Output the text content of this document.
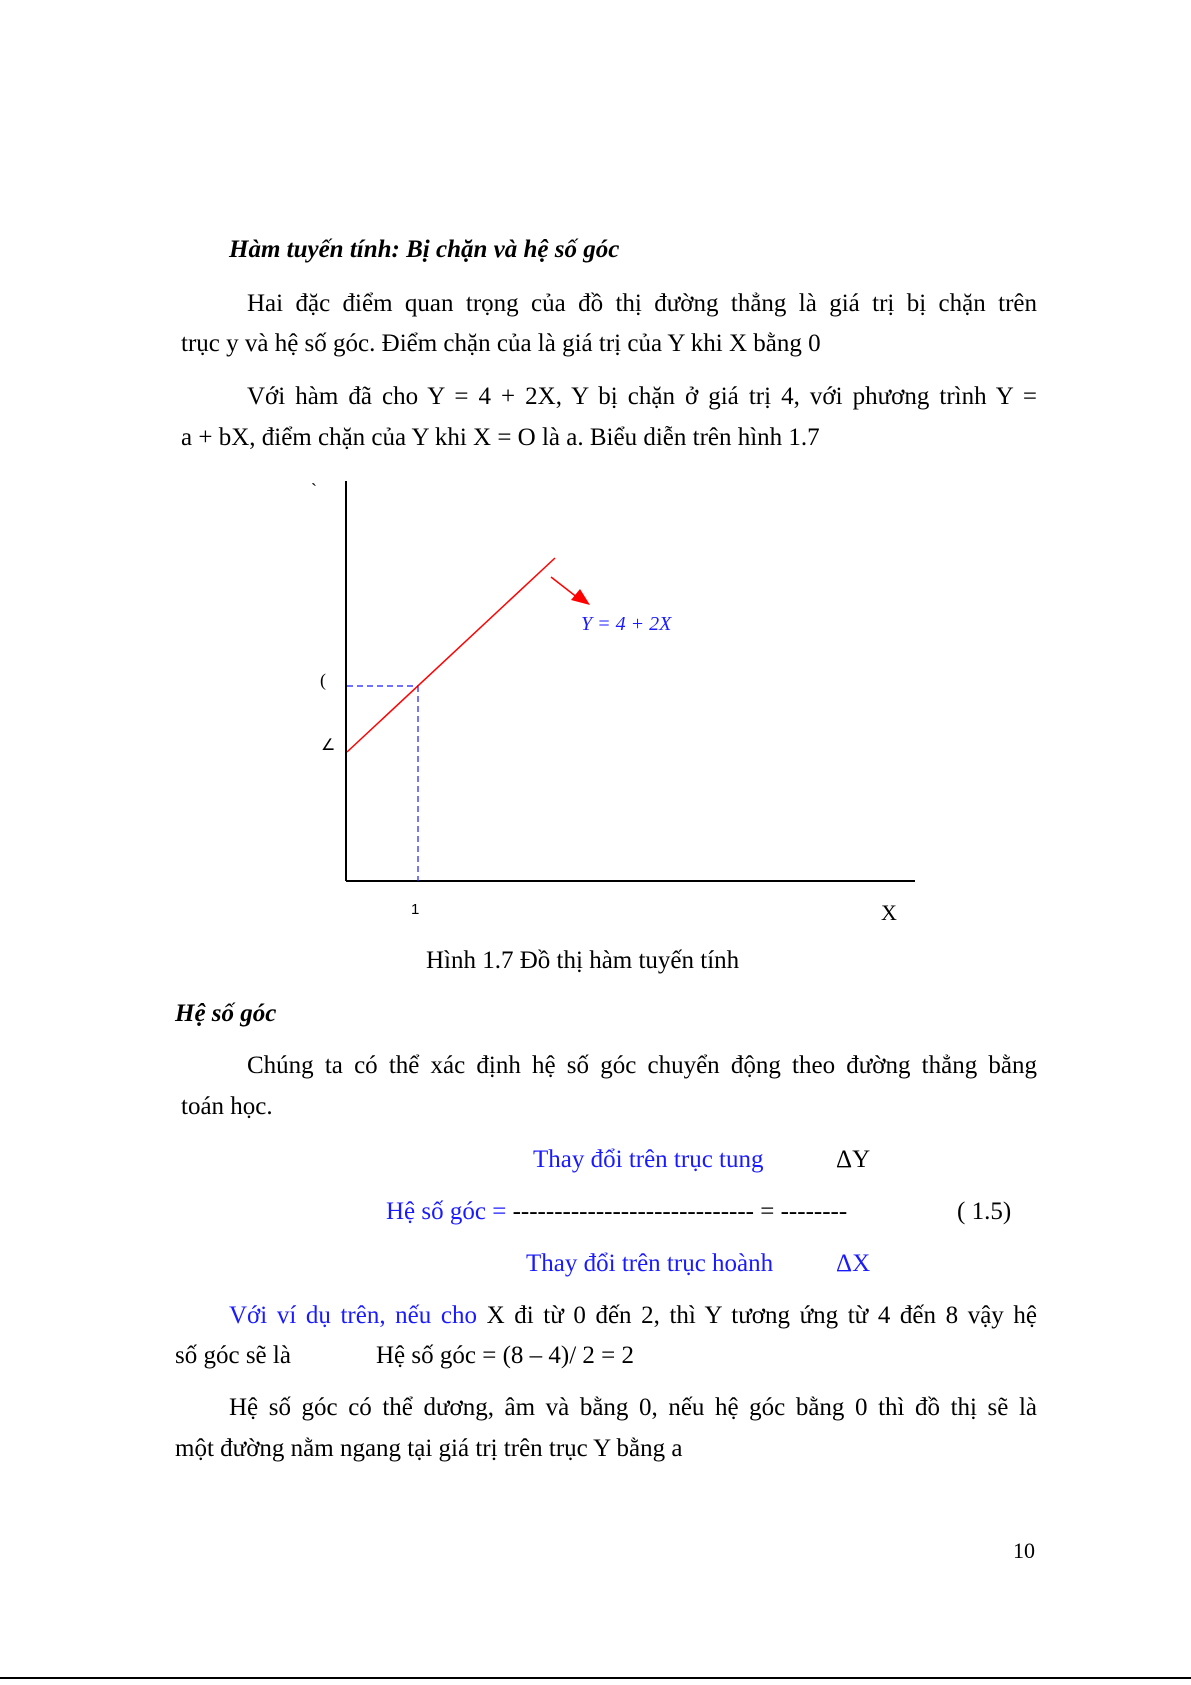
Hàm tuyến tính: Bị chặn và hệ số góc
Hai đặc điểm quan trọng của đồ thị đường thẳng là giá trị bị chặn trên
trục y và hệ số góc. Điểm chặn của là giá trị của Y khi X bằng 0
Với hàm đã cho Y = 4 + 2X, Y bị chặn ở giá trị 4, với phương trình Y =
a + bX, điểm chặn của Y khi X = O là a. Biểu diễn trên hình 1.7
Y = 4 + 2X
`
(
∠
1	X
Hình 1.7 Đồ thị hàm tuyến tính
Hệ số góc
Chúng ta có thể xác định hệ số góc chuyển động theo đường thẳng bằng
toán học.
Thay đổi trên trục tung	ΔY
Hệ số góc = ----------------------------- = --------	( 1.5)
Thay đổi trên trục hoành	ΔX
Với ví dụ trên, nếu cho X đi từ 0 đến 2, thì Y tương ứng từ 4 đến 8 vậy hệ
số góc sẽ là	Hệ số góc = (8 – 4)/ 2 = 2
Hệ số góc có thể dương, âm và bằng 0, nếu hệ góc bằng 0 thì đồ thị sẽ là
một đường nằm ngang tại giá trị trên trục Y bằng a
10
